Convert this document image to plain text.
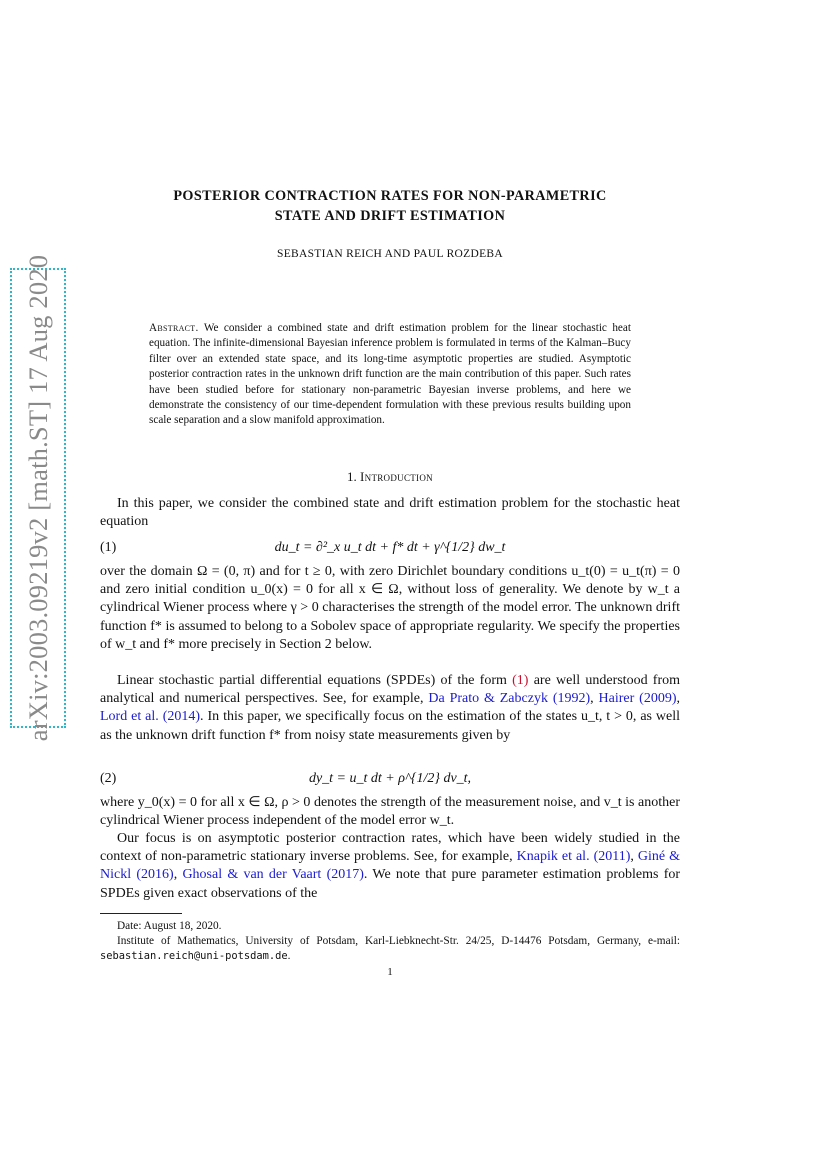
arXiv:2003.09219v2 [math.ST] 17 Aug 2020
POSTERIOR CONTRACTION RATES FOR NON-PARAMETRIC
STATE AND DRIFT ESTIMATION
SEBASTIAN REICH AND PAUL ROZDEBA
Abstract. We consider a combined state and drift estimation problem for the linear stochastic heat equation. The infinite-dimensional Bayesian inference problem is formulated in terms of the Kalman–Bucy filter over an extended state space, and its long-time asymptotic properties are studied. Asymptotic posterior contraction rates in the unknown drift function are the main contribution of this paper. Such rates have been studied before for stationary non-parametric Bayesian inverse problems, and here we demonstrate the consistency of our time-dependent formulation with these previous results building upon scale separation and a slow manifold approximation.
1. Introduction

In this paper, we consider the combined state and drift estimation problem for the stochastic heat equation

(1)	du_t = ∂²_x u_t dt + f* dt + γ^{1/2} dw_t

over the domain Ω = (0, π) and for t ≥ 0, with zero Dirichlet boundary conditions u_t(0) = u_t(π) = 0 and zero initial condition u_0(x) = 0 for all x ∈ Ω, without loss of generality. We denote by w_t a cylindrical Wiener process where γ > 0 characterises the strength of the model error. The unknown drift function f* is assumed to belong to a Sobolev space of appropriate regularity. We specify the properties of w_t and f* more precisely in Section 2 below.

Linear stochastic partial differential equations (SPDEs) of the form (1) are well understood from analytical and numerical perspectives. See, for example, Da Prato & Zabczyk (1992), Hairer (2009), Lord et al. (2014). In this paper, we specifically focus on the estimation of the states u_t, t > 0, as well as the unknown drift function f* from noisy state measurements given by

(2)	dy_t = u_t dt + ρ^{1/2} dv_t,

where y_0(x) = 0 for all x ∈ Ω, ρ > 0 denotes the strength of the measurement noise, and v_t is another cylindrical Wiener process independent of the model error w_t.

Our focus is on asymptotic posterior contraction rates, which have been widely studied in the context of non-parametric stationary inverse problems. See, for example, Knapik et al. (2011), Giné & Nickl (2016), Ghosal & van der Vaart (2017). We note that pure parameter estimation problems for SPDEs given exact observations of the

Date: August 18, 2020.
Institute of Mathematics, University of Potsdam, Karl-Liebknecht-Str. 24/25, D-14476 Potsdam, Germany, e-mail: sebastian.reich@uni-potsdam.de.
1
